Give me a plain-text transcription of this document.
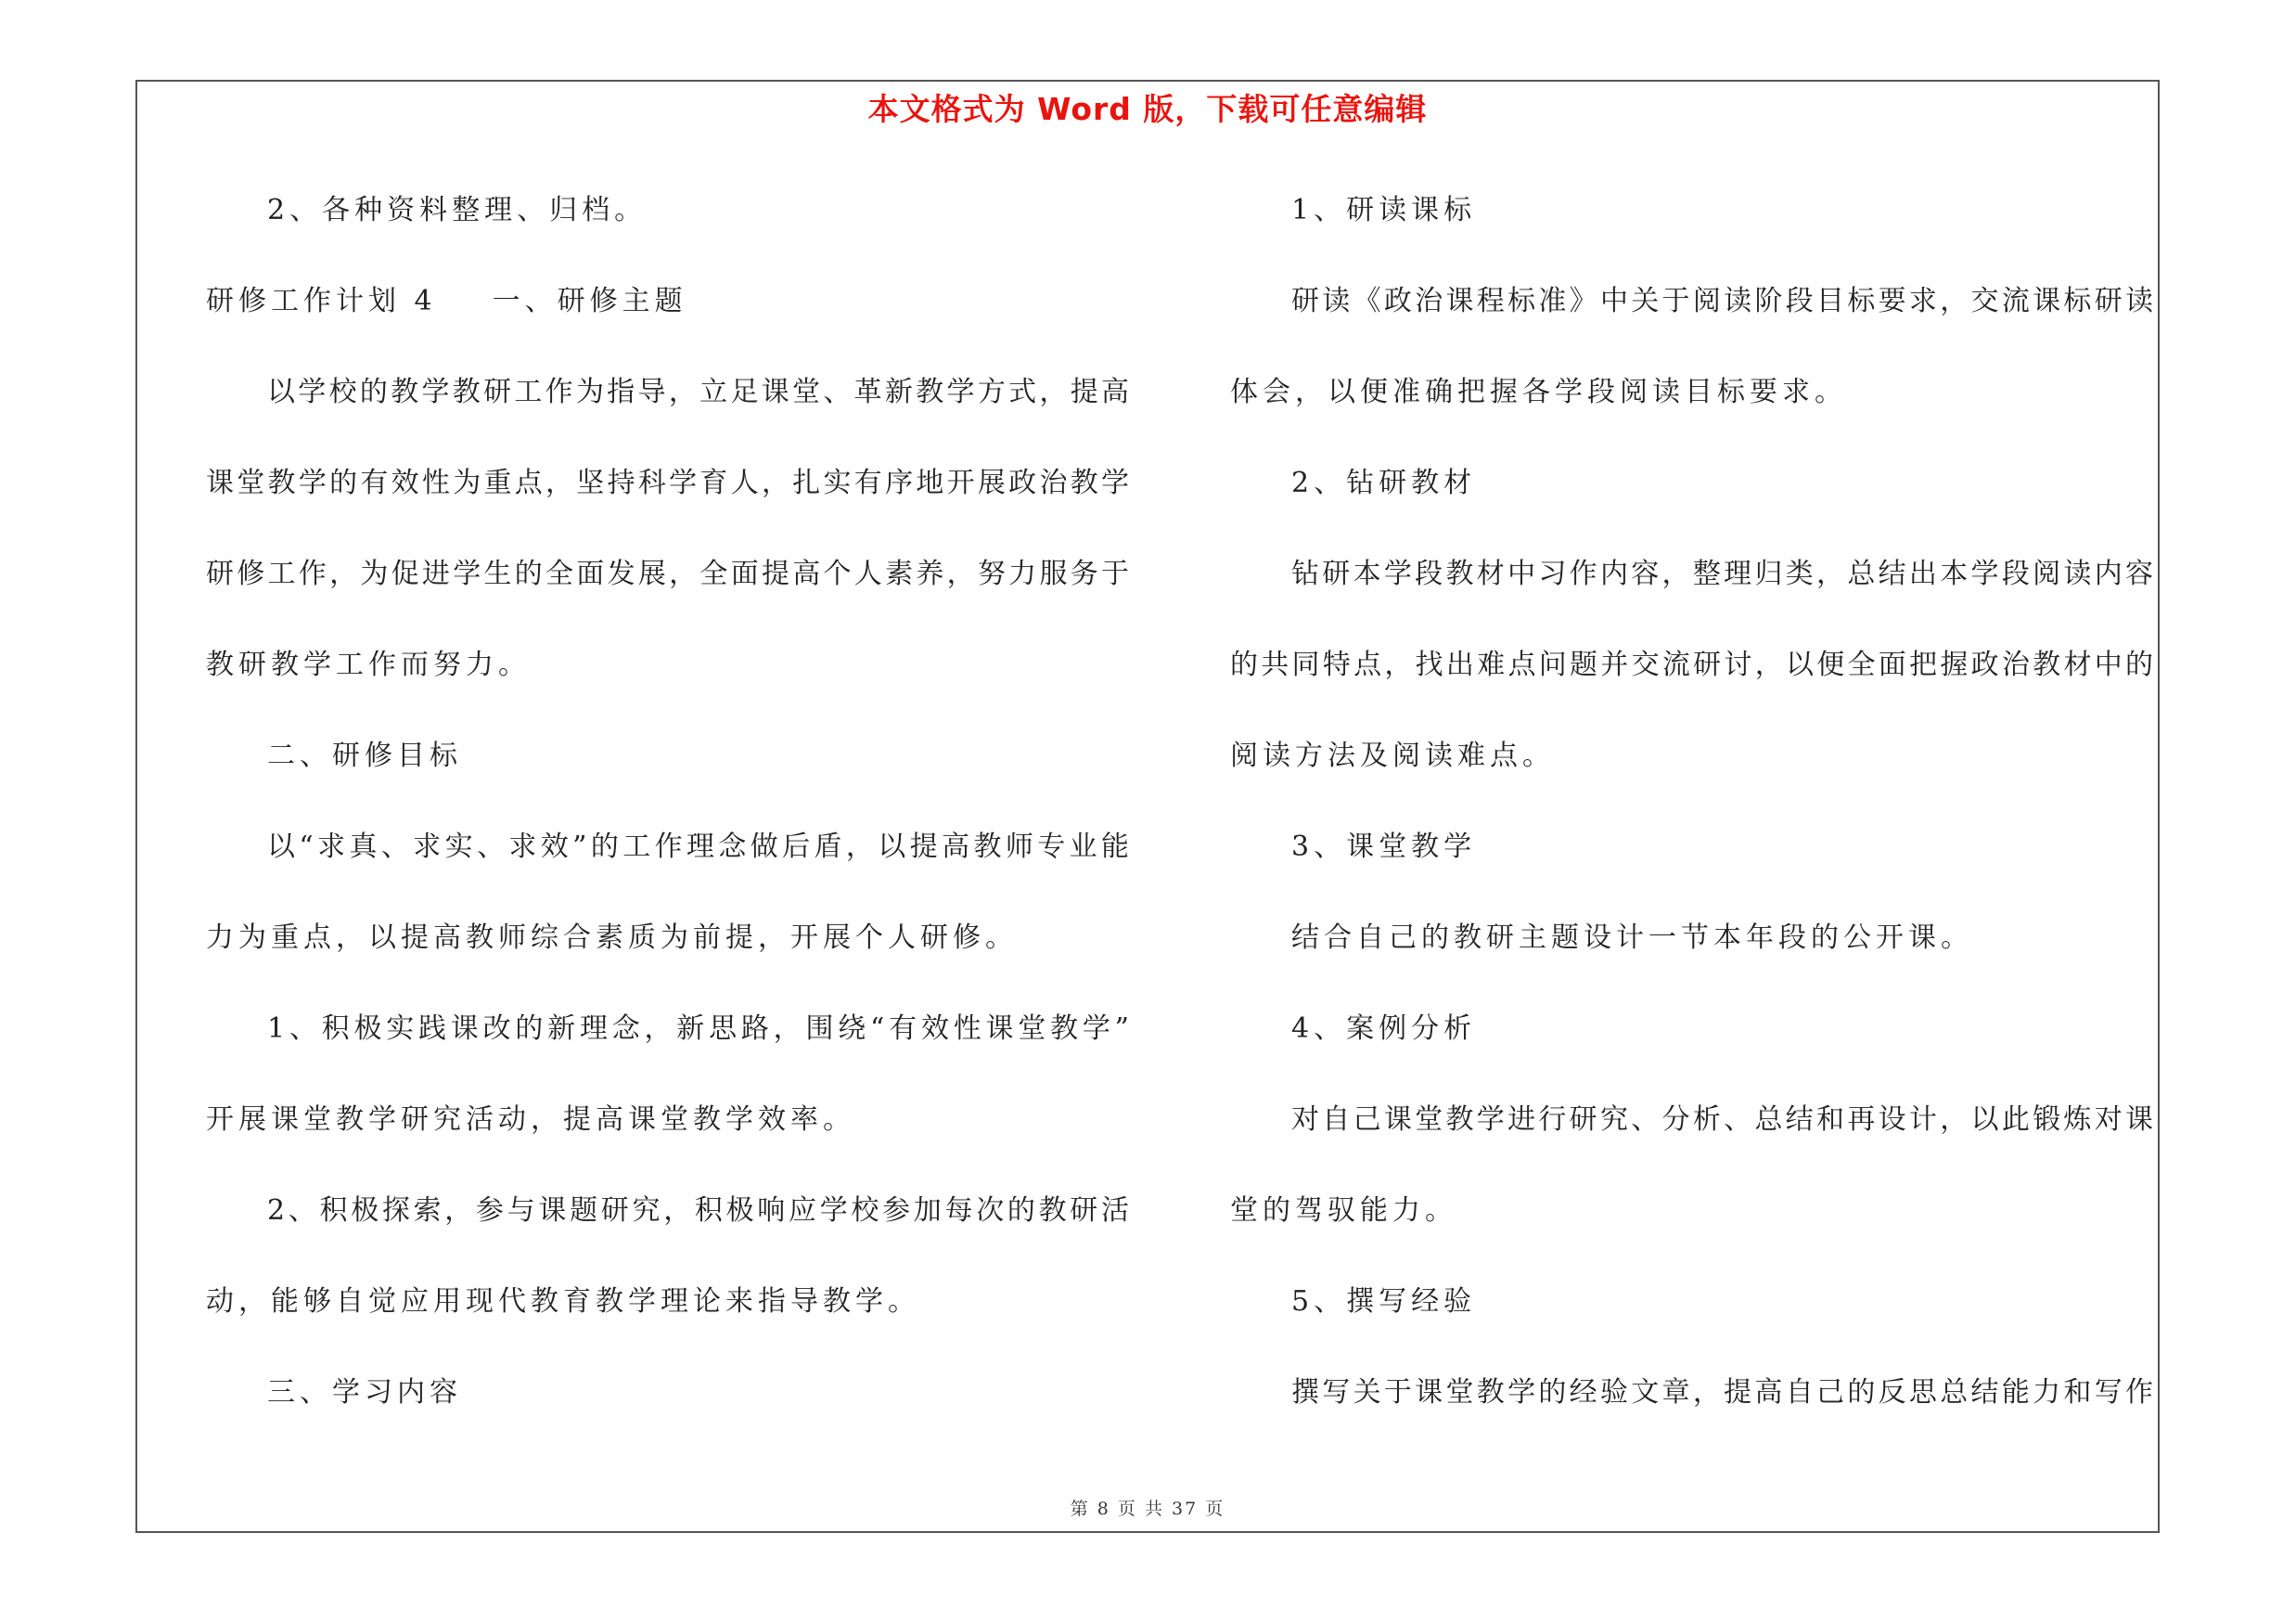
本文格式为 Word 版，下载可任意编辑
2、各种资料整理、归档。
研修工作计划 4 一、研修主题
以学校的教学教研工作为指导，立足课堂、革新教学方式，提高
课堂教学的有效性为重点，坚持科学育人，扎实有序地开展政治教学
研修工作，为促进学生的全面发展，全面提高个人素养，努力服务于
教研教学工作而努力。
二、研修目标
以“求真、求实、求效”的工作理念做后盾，以提高教师专业能
力为重点，以提高教师综合素质为前提，开展个人研修。
1、积极实践课改的新理念，新思路，围绕“有效性课堂教学”
开展课堂教学研究活动，提高课堂教学效率。
2、积极探索，参与课题研究，积极响应学校参加每次的教研活
动，能够自觉应用现代教育教学理论来指导教学。
三、学习内容
1、研读课标
研读《政治课程标准》中关于阅读阶段目标要求，交流课标研读
体会，以便准确把握各学段阅读目标要求。
2、钻研教材
钻研本学段教材中习作内容，整理归类，总结出本学段阅读内容
的共同特点，找出难点问题并交流研讨，以便全面把握政治教材中的
阅读方法及阅读难点。
3、课堂教学
结合自己的教研主题设计一节本年段的公开课。
4、案例分析
对自己课堂教学进行研究、分析、总结和再设计，以此锻炼对课
堂的驾驭能力。
5、撰写经验
撰写关于课堂教学的经验文章，提高自己的反思总结能力和写作
第 8 页 共 37 页
